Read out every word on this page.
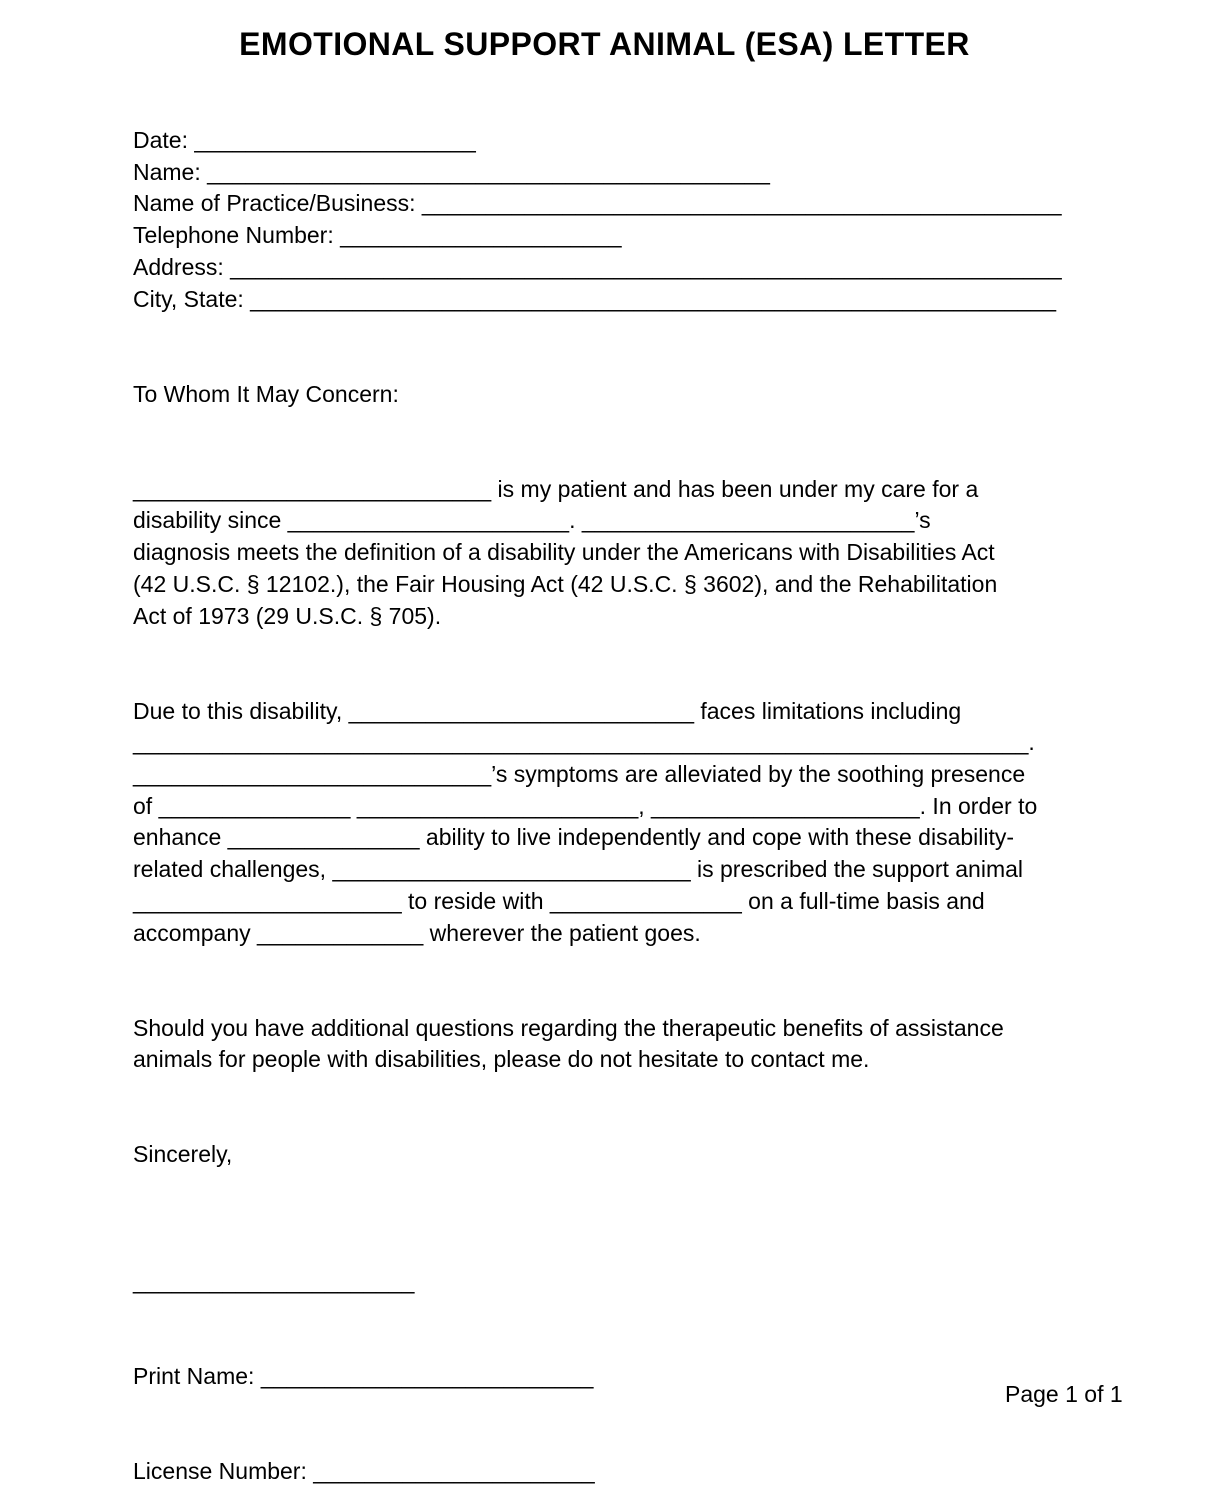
EMOTIONAL SUPPORT ANIMAL (ESA) LETTER
Date: ______________________
Name: ____________________________________________
Name of Practice/Business: __________________________________________________
Telephone Number: ______________________
Address: _________________________________________________________________
City, State: _______________________________________________________________
To Whom It May Concern:
____________________________ is my patient and has been under my care for a
disability since ______________________. __________________________’s
diagnosis meets the definition of a disability under the Americans with Disabilities Act
(42 U.S.C. § 12102.), the Fair Housing Act (42 U.S.C. § 3602), and the Rehabilitation
Act of 1973 (29 U.S.C. § 705).
Due to this disability, ___________________________ faces limitations including
______________________________________________________________________.
____________________________’s symptoms are alleviated by the soothing presence
of _______________ ______________________, _____________________. In order to
enhance _______________ ability to live independently and cope with these disability-
related challenges, ____________________________ is prescribed the support animal
_____________________ to reside with _______________ on a full-time basis and
accompany _____________ wherever the patient goes.
Should you have additional questions regarding the therapeutic benefits of assistance
animals for people with disabilities, please do not hesitate to contact me.
Sincerely,
______________________
Print Name: __________________________
License Number: ______________________
Page 1 of 1
